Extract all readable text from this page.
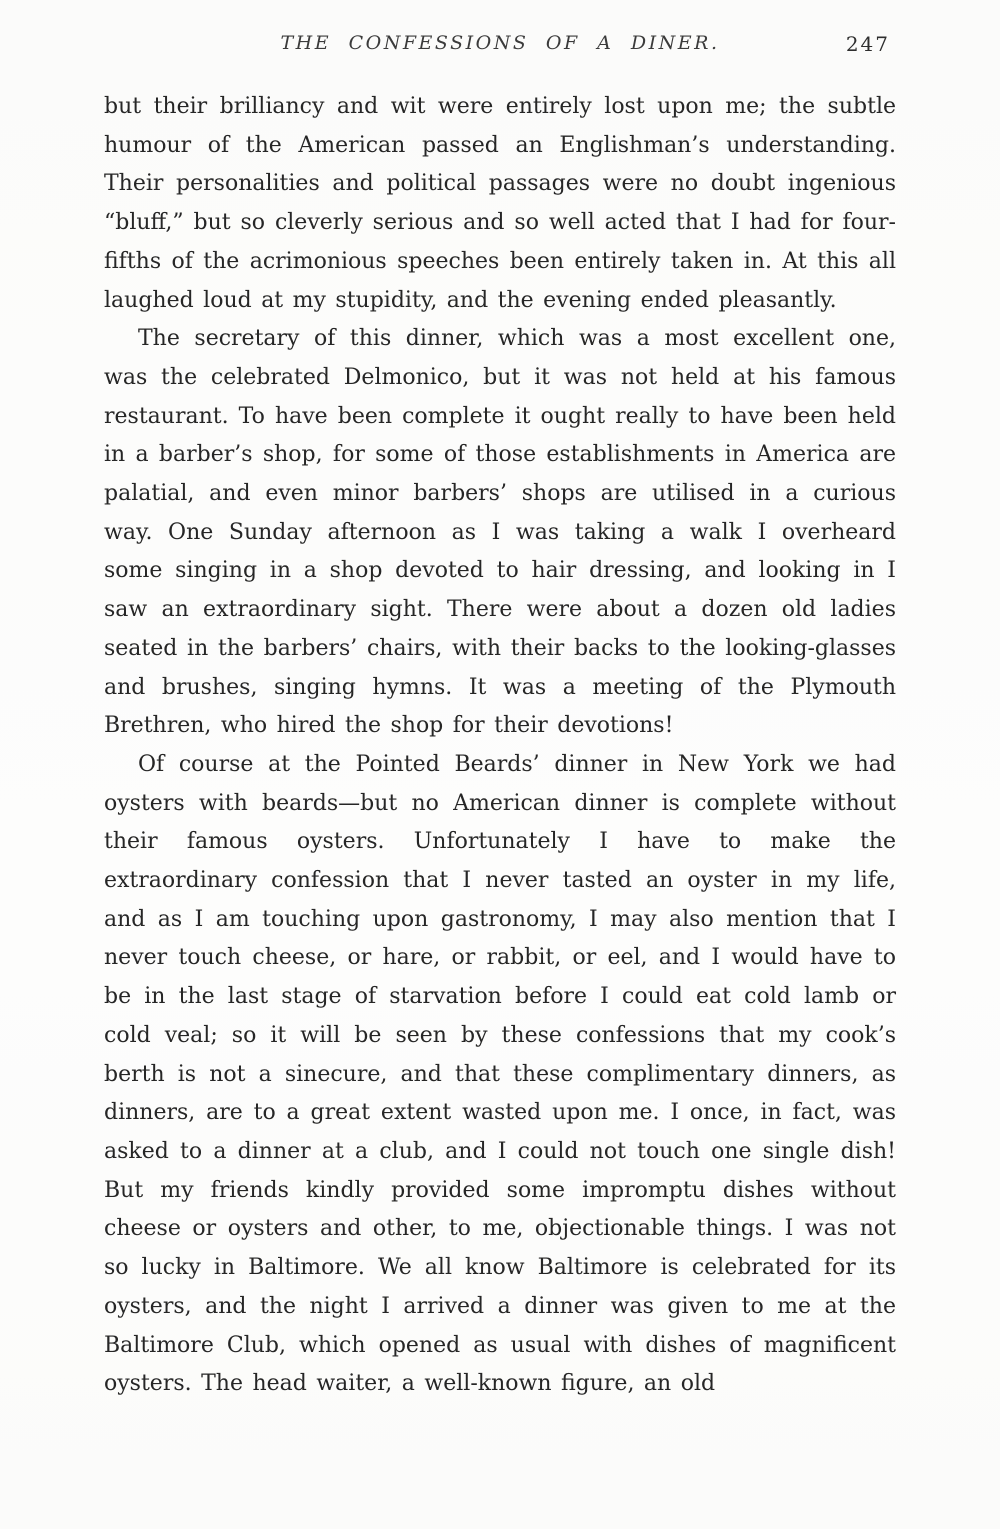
THE CONFESSIONS OF A DINER.	247

but their brilliancy and wit were entirely lost upon me; the subtle humour of the American passed an Englishman’s understanding. Their personalities and political passages were no doubt ingenious “bluff,” but so cleverly serious and so well acted that I had for four-fifths of the acrimonious speeches been entirely taken in. At this all laughed loud at my stupidity, and the evening ended pleasantly.

The secretary of this dinner, which was a most excellent one, was the celebrated Delmonico, but it was not held at his famous restaurant. To have been complete it ought really to have been held in a barber’s shop, for some of those establishments in America are palatial, and even minor barbers’ shops are utilised in a curious way. One Sunday afternoon as I was taking a walk I overheard some singing in a shop devoted to hair dressing, and looking in I saw an extraordinary sight. There were about a dozen old ladies seated in the barbers’ chairs, with their backs to the looking-glasses and brushes, singing hymns. It was a meeting of the Plymouth Brethren, who hired the shop for their devotions!

Of course at the Pointed Beards’ dinner in New York we had oysters with beards—but no American dinner is complete without their famous oysters. Unfortunately I have to make the extraordinary confession that I never tasted an oyster in my life, and as I am touching upon gastronomy, I may also mention that I never touch cheese, or hare, or rabbit, or eel, and I would have to be in the last stage of starvation before I could eat cold lamb or cold veal; so it will be seen by these confessions that my cook’s berth is not a sinecure, and that these complimentary dinners, as dinners, are to a great extent wasted upon me. I once, in fact, was asked to a dinner at a club, and I could not touch one single dish! But my friends kindly provided some impromptu dishes without cheese or oysters and other, to me, objectionable things. I was not so lucky in Baltimore. We all know Baltimore is celebrated for its oysters, and the night I arrived a dinner was given to me at the Baltimore Club, which opened as usual with dishes of magnificent oysters. The head waiter, a well-known figure, an old
